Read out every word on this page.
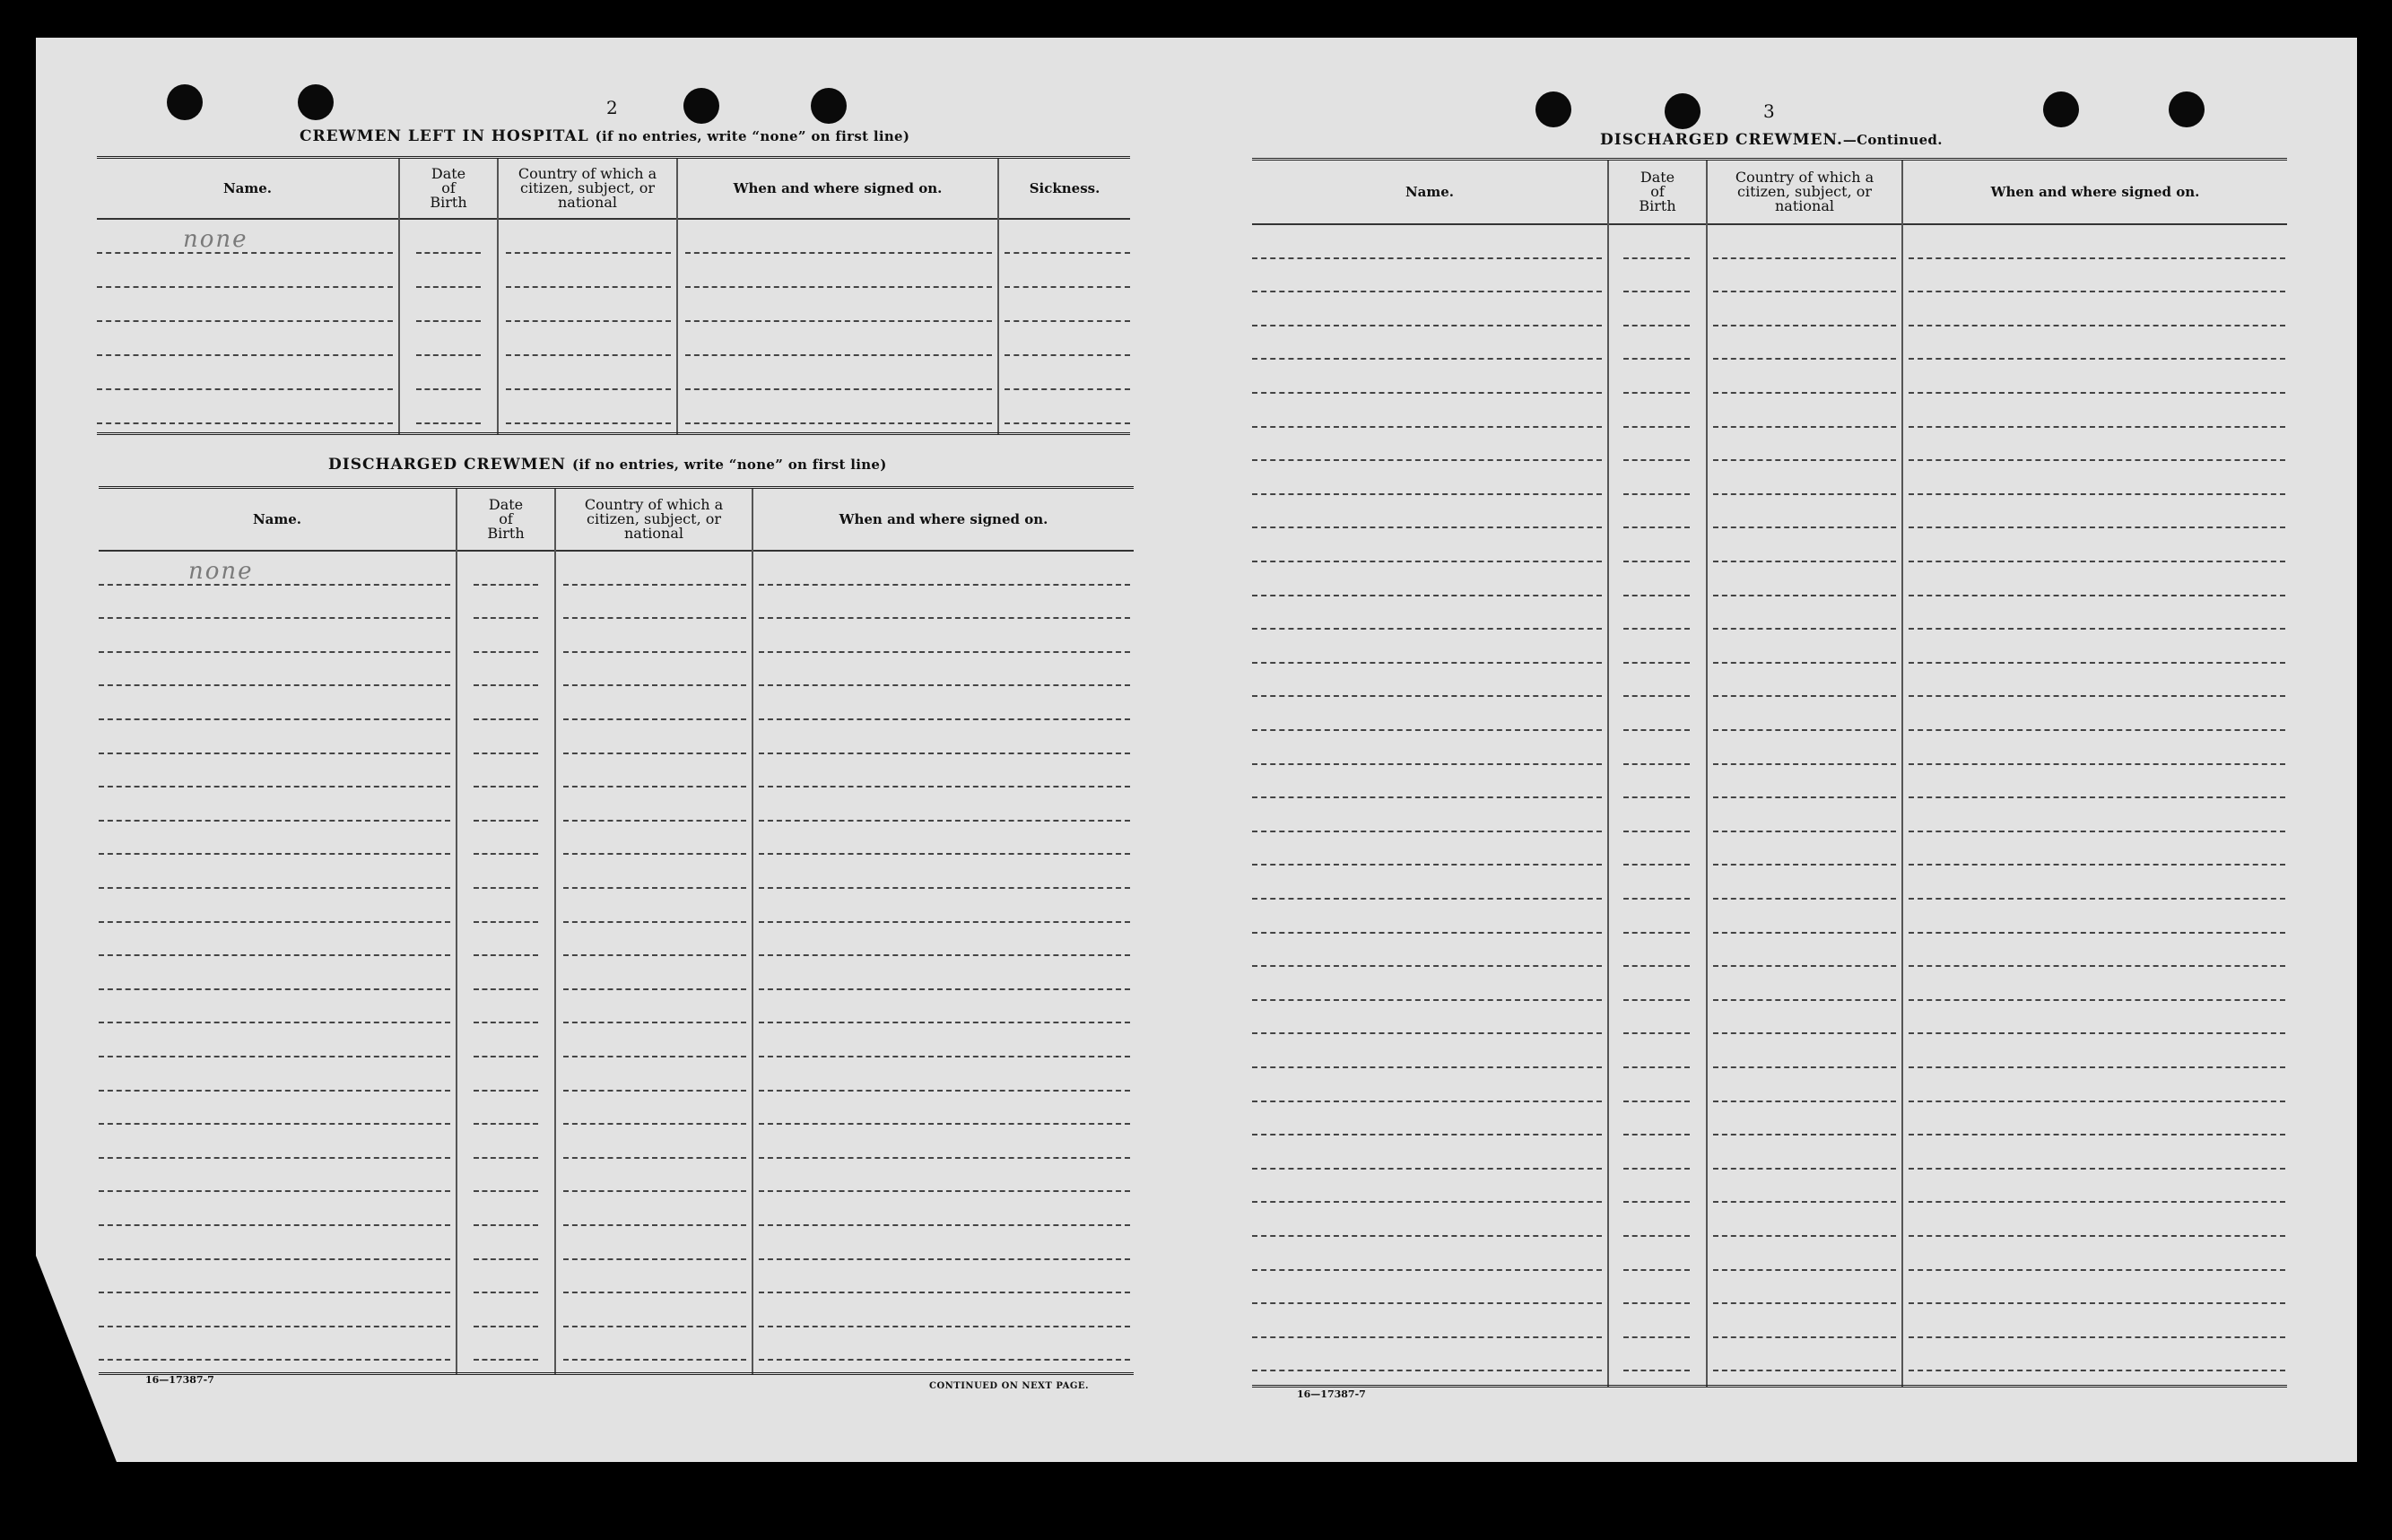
2
CREWMEN LEFT IN HOSPITAL (if no entries, write “none” on first line)
Name.
Date of Birth
Country of which a citizen, subject, or national
When and where signed on.	Sickness.
none
DISCHARGED CREWMEN (if no entries, write “none” on first line)
Name.
Date of Birth
Country of which a citizen, subject, or national
When and where signed on.
none
16—17387-7
CONTINUED ON NEXT PAGE.
3
DISCHARGED CREWMEN.—Continued.
Name.
Date of Birth
Country of which a citizen, subject, or national
When and where signed on.
16—17387-7
